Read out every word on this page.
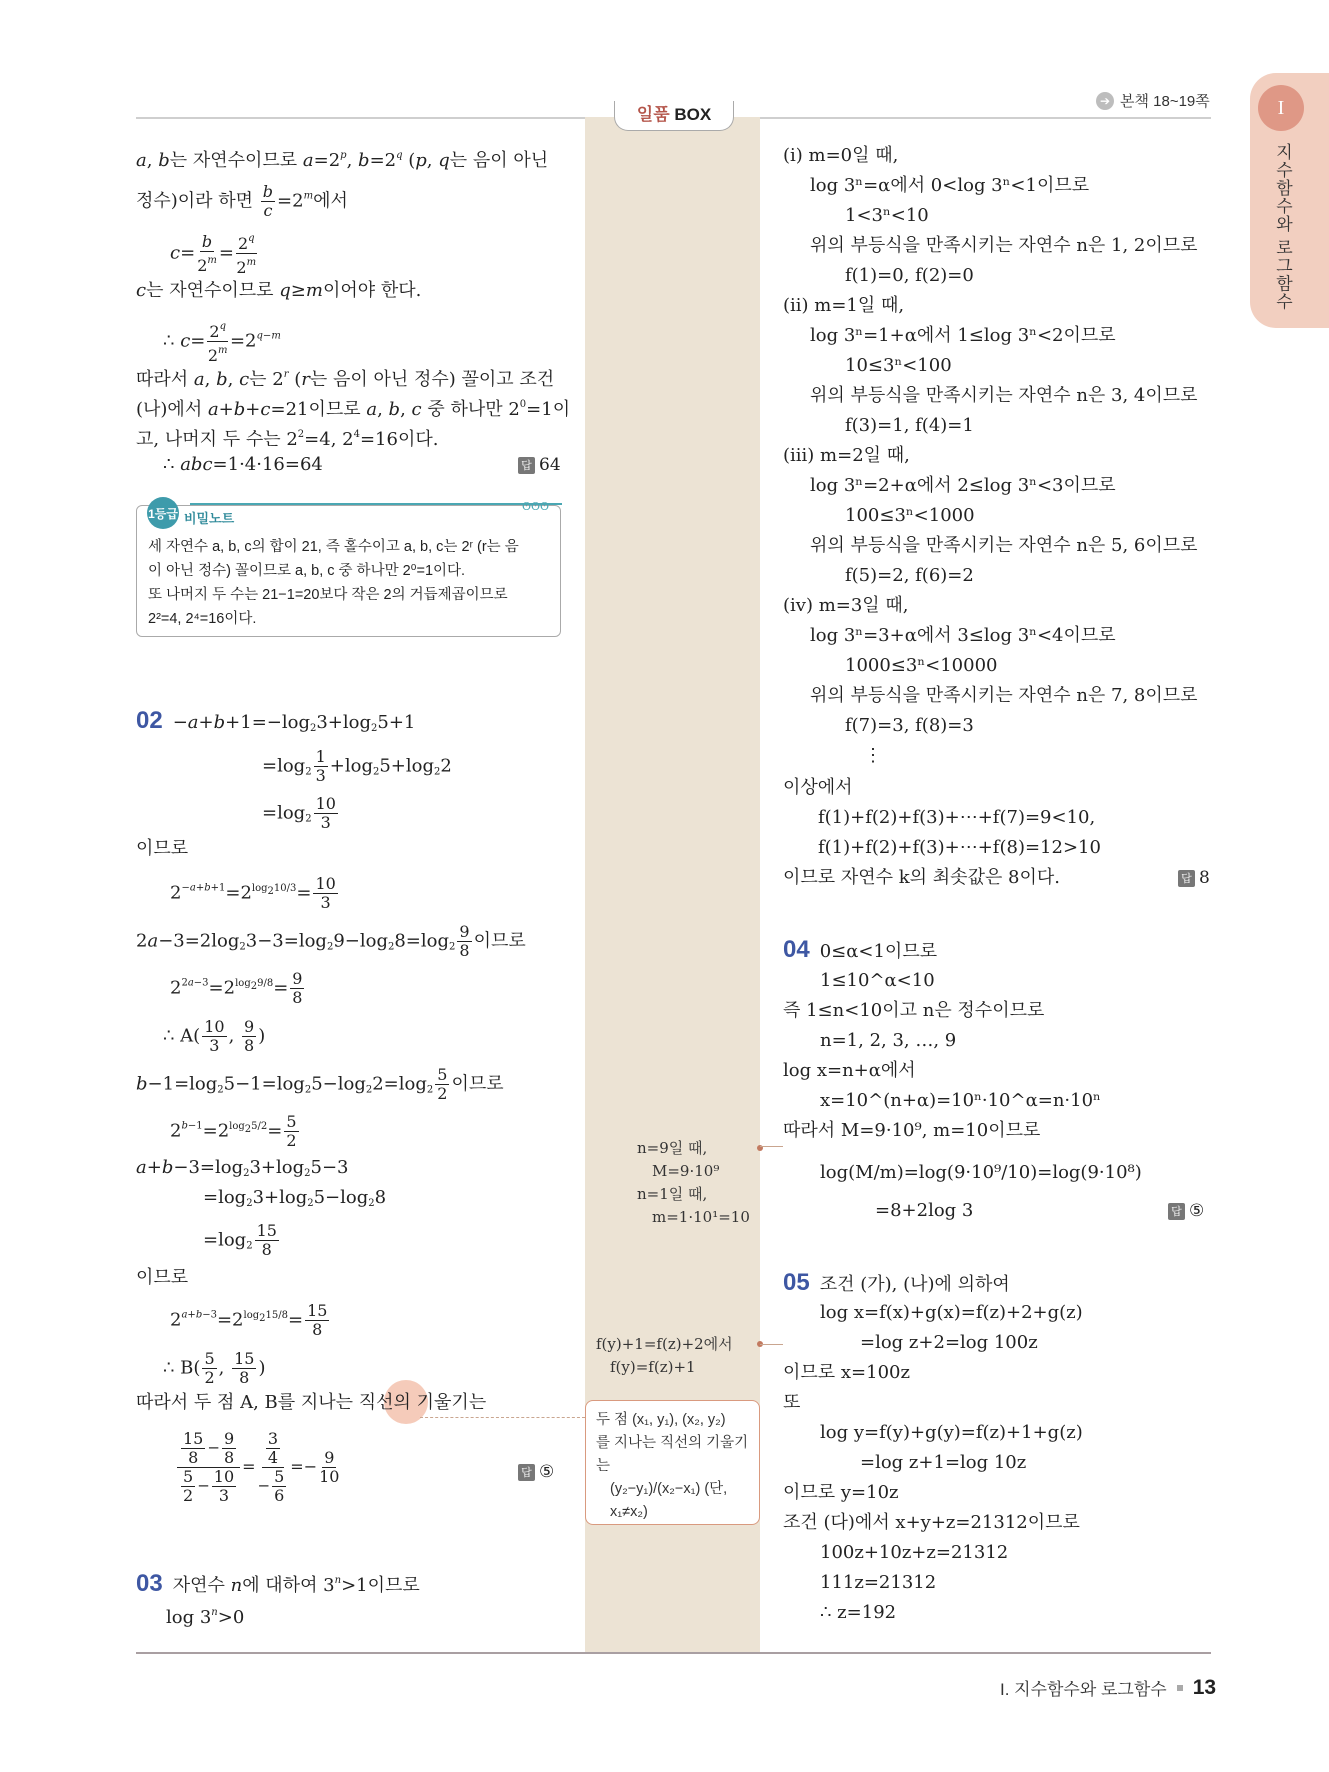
➔ 본책 18~19쪽	I
지수함수와 로그함수
일품 BOX
a, b는 자연수이므로 $a=2^p$, $b=2^q$ (p, q는 음이 아닌
정수)이라 하면 $\frac{b}{c} =2^m$에서
$c= \frac{b}{2^m} = \frac{2^q}{2^m}$
c는 자연수이므로 q≥m이어야 한다.
∴ $c= \frac{2^q}{2^m} =2^{q-m}$
따라서 a, b, c는 2$^r$ (r는 음이 아닌 정수) 꼴이고 조건
(나)에서 a+b+c=21이므로 a, b, c 중 하나만 $2^0=1$이
고, 나머지 두 수는 $2^2=4$, $2^4=16$이다.
∴ abc=1·4·16=64	답 64
1등급 비밀노트
ʘʘʘ
세 자연수 a, b, c의 합이 21, 즉 홀수이고 a, b, c는 2ʳ (r는 음
이 아닌 정수) 꼴이므로 a, b, c 중 하나만 2⁰=1이다.
또 나머지 두 수는 21−1=20보다 작은 2의 거듭제곱이므로
2²=4, 2⁴=16이다.
$02 -a+b+1=-\log_23+\log_25+1$
$=\log_2 \frac{1}{3} +\log_25+\log_22$
$=\log_2 \frac{10}{3}$
이므로
$2^{-a+b+1}=2^{log_210/3}= \frac{10}{3}$
$2a-3=2\log_23-3=\log_29-\log_28=\log_2 \frac{9}{8}$ 이므로
$2^{2a-3}=2^{log_29/8}= \frac{9}{8}$
∴ $A( \frac{10}{3}$ , $\frac{9}{8}$ )
$b-1=\log_25-1=\log_25-\log_22=\log_2 \frac{5}{2}$ 이므로
$2^{b-1}=2^{log_25/2}= \frac{5}{2}$
$a+b-3=\log_23+\log_25-3$
$=\log_23+\log_25-\log_28$
$=\log_2 \frac{15}{8}$
이므로
$2^{a+b-3}=2^{log_215/8}= \frac{15}{8}$
∴ $B( \frac{5}{2}$ , $\frac{15}{8}$ )
따라서 두 점 A, B를 지나는 직선의 기울기는
$\frac{\frac{15}{8} - \frac{9}{8}}{\frac{5}{2} - \frac{10}{3}} = \frac{\frac{3}{4}}{- \frac{5}{6}} =- \frac{9}{10}$	답 ⑤
03 자연수 n에 대하여 $3^n>1$이므로
$\log 3^n>0$
n=9일 때,
M=9·10⁹
n=1일 때,
m=1·10¹=10
f(y)+1=f(z)+2에서
f(y)=f(z)+1
두 점 (x₁, y₁), (x₂, y₂)
를 지나는 직선의 기울기
는
(y₂−y₁)/(x₂−x₁) (단, x₁≠x₂)
(i) m=0일 때,
log 3ⁿ=α에서 0<log 3ⁿ<1이므로
1<3ⁿ<10
위의 부등식을 만족시키는 자연수 n은 1, 2이므로
f(1)=0, f(2)=0
(ii) m=1일 때,
log 3ⁿ=1+α에서 1≤log 3ⁿ<2이므로
10≤3ⁿ<100
위의 부등식을 만족시키는 자연수 n은 3, 4이므로
f(3)=1, f(4)=1
(iii) m=2일 때,
log 3ⁿ=2+α에서 2≤log 3ⁿ<3이므로
100≤3ⁿ<1000
위의 부등식을 만족시키는 자연수 n은 5, 6이므로
f(5)=2, f(6)=2
(iv) m=3일 때,
log 3ⁿ=3+α에서 3≤log 3ⁿ<4이므로
1000≤3ⁿ<10000
위의 부등식을 만족시키는 자연수 n은 7, 8이므로
f(7)=3, f(8)=3
⋮
이상에서
f(1)+f(2)+f(3)+⋯+f(7)=9<10,
f(1)+f(2)+f(3)+⋯+f(8)=12>10
이므로 자연수 k의 최솟값은 8이다.	답 8
04 0≤α<1이므로
1≤10^α<10
즉 1≤n<10이고 n은 정수이므로
n=1, 2, 3, …, 9
log x=n+α에서
x=10^(n+α)=10ⁿ·10^α=n·10ⁿ
따라서 M=9·10⁹, m=10이므로
log(M/m)=log(9·10⁹/10)=log(9·10⁸)
=8+2log 3	답 ⑤
05 조건 (가), (나)에 의하여
log x=f(x)+g(x)=f(z)+2+g(z)
=log z+2=log 100z
이므로 x=100z
또
log y=f(y)+g(y)=f(z)+1+g(z)
=log z+1=log 10z
이므로 y=10z
조건 (다)에서 x+y+z=21312이므로
100z+10z+z=21312
111z=21312
∴ z=192
I. 지수함수와 로그함수 13
